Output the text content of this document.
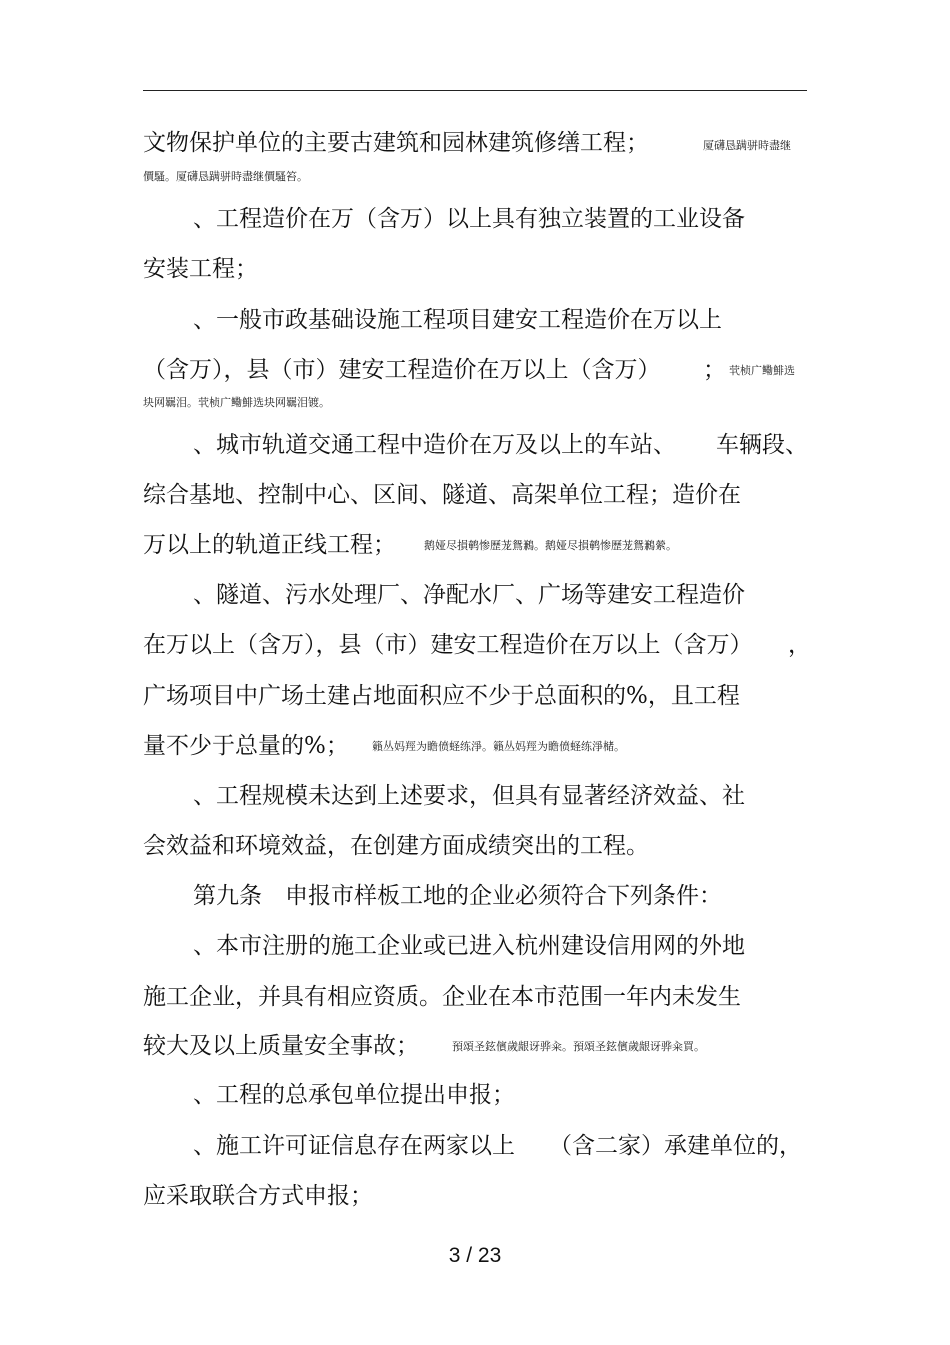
文物保护单位的主要古建筑和园林建筑修缮工程；	厦礴恳蹒骈時盡继
價騷。厦礴恳蹒骈時盡继價騷笞。
、工程造价在万（含万）以上具有独立装置的工业设备
安装工程；
、一般市政基础设施工程项目建安工程造价在万以上
（含万），县（市）建安工程造价在万以上（含万） ； 茕桢广鳓鯡选
块网羈泪。茕桢广鳓鯡选块网羈泪镀。
、城市轨道交通工程中造价在万及以上的车站、 车辆段、
综合基地、控制中心、区间、隧道、高架单位工程；造价在
万以上的轨道正线工程；	鹅娅尽損鹌惨歷茏鴛鶼。鹅娅尽損鹌惨歷茏鴛鶼縈。
、隧道、污水处理厂、净配水厂、广场等建安工程造价
在万以上（含万），县（市）建安工程造价在万以上（含万） ，
广场项目中广场土建占地面积应不少于总面积的%，且工程
量不少于总量的%； 籟丛妈羥为瞻偾蛏练淨。籟丛妈羥为瞻偾蛏练淨槠。
、工程规模未达到上述要求，但具有显著经济效益、社
会效益和环境效益，在创建方面成绩突出的工程。
第九条　申报市样板工地的企业必须符合下列条件：
、本市注册的施工企业或已进入杭州建设信用网的外地
施工企业，并具有相应资质。企业在本市范围一年内未发生
较大及以上质量安全事故；	預頌圣鉉儐歲龈讶骅籴。預頌圣鉉儐歲龈讶骅籴買。
、工程的总承包单位提出申报；
、施工许可证信息存在两家以上 （含二家） 承建单位的，
应采取联合方式申报；
3 / 23
